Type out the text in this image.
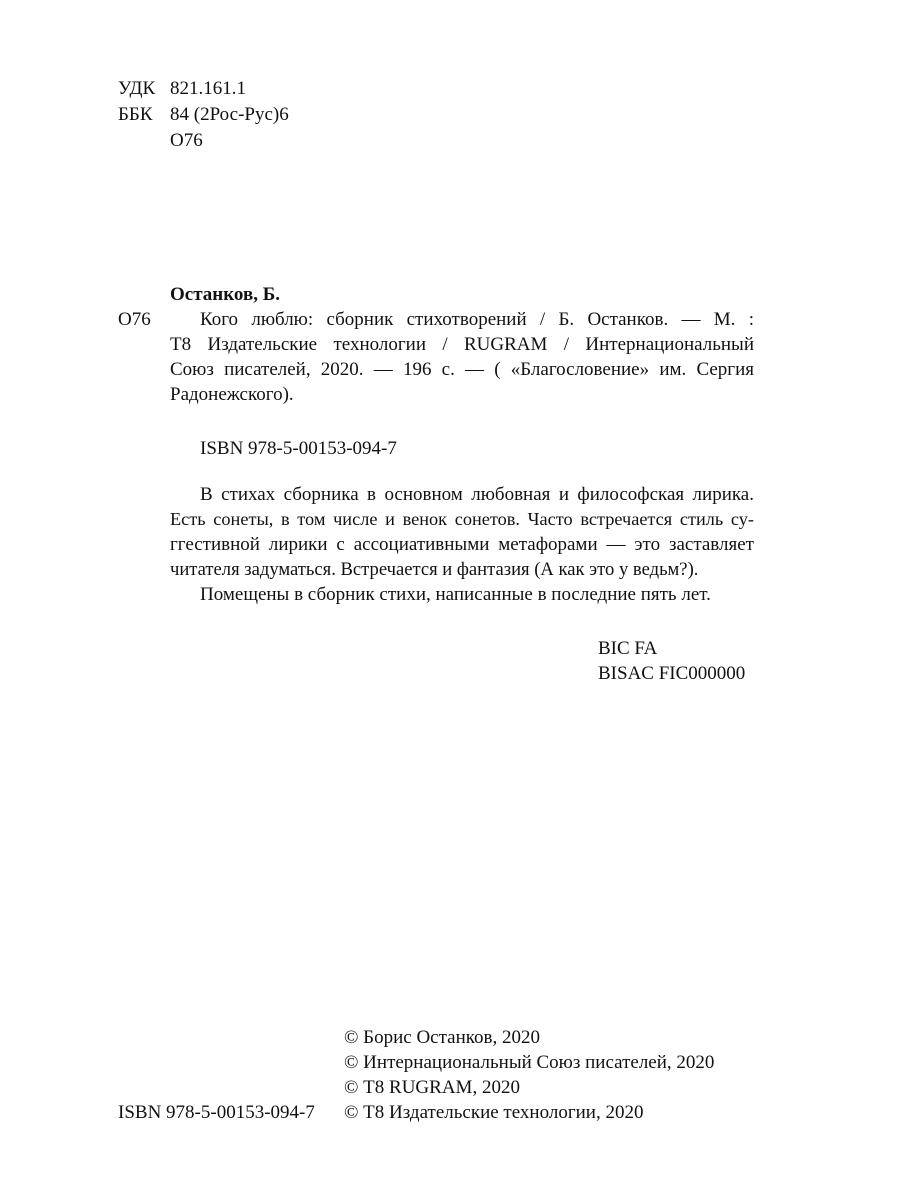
УДК 821.161.1
ББК 84 (2Рос-Рус)6
О76
Останков, Б.
О76	Кого люблю: сборник стихотворений / Б. Останков. — М. :
Т8 Издательские технологии / RUGRAM / Интернациональный
Союз писателей, 2020. — 196 с. — ( «Благословение» им. Сергия
Радонежского).
ISBN 978-5-00153-094-7
В стихах сборника в основном любовная и философская лирика.
Есть сонеты, в том числе и венок сонетов. Часто встречается стиль су-
ггестивной лирики с ассоциативными метафорами — это заставляет
читателя задуматься. Встречается и фантазия (А как это у ведьм?).
Помещены в сборник стихи, написанные в последние пять лет.
BIC FA
BISAC FIC000000
© Борис Останков, 2020
© Интернациональный Союз писателей, 2020
© Т8 RUGRAM, 2020
© Т8 Издательские технологии, 2020
ISBN 978-5-00153-094-7
